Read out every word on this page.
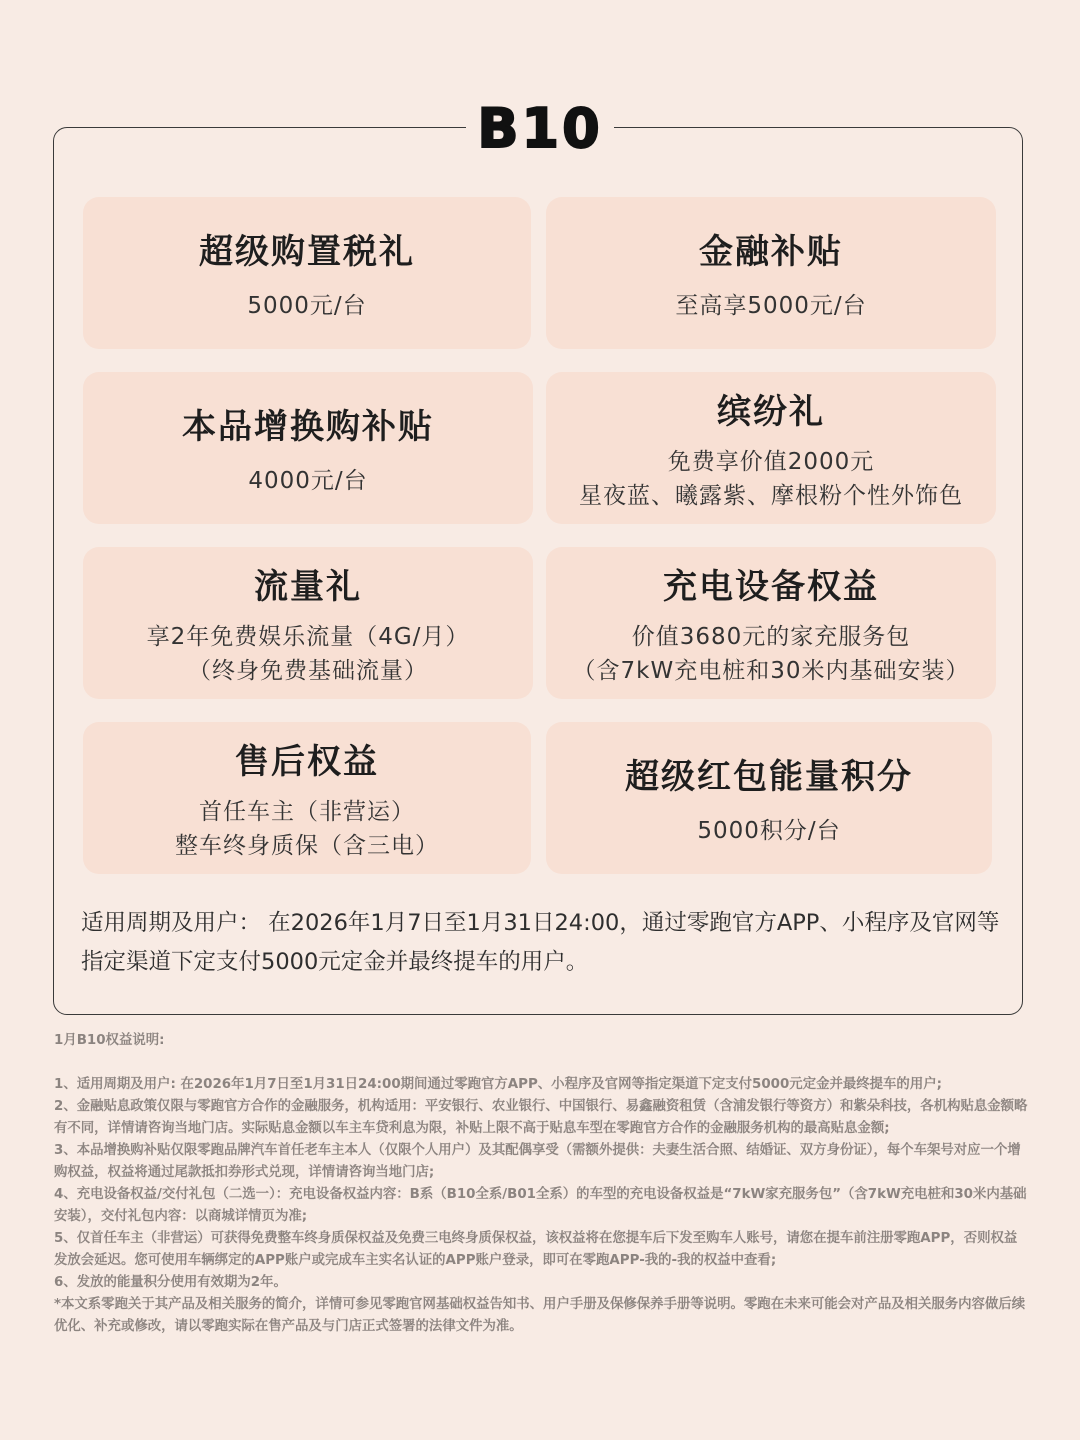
B10
超级购置税礼
5000元/台
金融补贴
至高享5000元/台
本品增换购补贴
4000元/台
缤纷礼
免费享价值2000元
星夜蓝、曦露紫、摩根粉个性外饰色
流量礼
享2年免费娱乐流量（4G/月）
（终身免费基础流量）
充电设备权益
价值3680元的家充服务包
（含7kW充电桩和30米内基础安装）
售后权益
首任车主（非营运）
整车终身质保（含三电）
超级红包能量积分
5000积分/台
适用周期及用户： 在2026年1月7日至1月31日24:00，通过零跑官方APP、小程序及官网等指定渠道下定支付5000元定金并最终提车的用户。

1月B10权益说明:

1、适用周期及用户: 在2026年1月7日至1月31日24:00期间通过零跑官方APP、小程序及官网等指定渠道下定支付5000元定金并最终提车的用户;

2、金融贴息政策仅限与零跑官方合作的金融服务，机构适用：平安银行、农业银行、中国银行、易鑫融资租赁（含浦发银行等资方）和紫朵科技，各机构贴息金额略有不同，详情请咨询当地门店。实际贴息金额以车主车贷利息为限，补贴上限不高于贴息车型在零跑官方合作的金融服务机构的最高贴息金额;

3、本品增换购补贴仅限零跑品牌汽车首任老车主本人（仅限个人用户）及其配偶享受（需额外提供：夫妻生活合照、结婚证、双方身份证），每个车架号对应一个增购权益，权益将通过尾款抵扣券形式兑现，详情请咨询当地门店;

4、充电设备权益/交付礼包（二选一）：充电设备权益内容：B系（B10全系/B01全系）的车型的充电设备权益是“7kW家充服务包”（含7kW充电桩和30米内基础安装），交付礼包内容：以商城详情页为准;

5、仅首任车主（非营运）可获得免费整车终身质保权益及免费三电终身质保权益，该权益将在您提车后下发至购车人账号，请您在提车前注册零跑APP，否则权益发放会延迟。您可使用车辆绑定的APP账户或完成车主实名认证的APP账户登录，即可在零跑APP-我的-我的权益中查看;

6、发放的能量积分使用有效期为2年。

*本文系零跑关于其产品及相关服务的简介，详情可参见零跑官网基础权益告知书、用户手册及保修保养手册等说明。零跑在未来可能会对产品及相关服务内容做后续优化、补充或修改，请以零跑实际在售产品及与门店正式签署的法律文件为准。
